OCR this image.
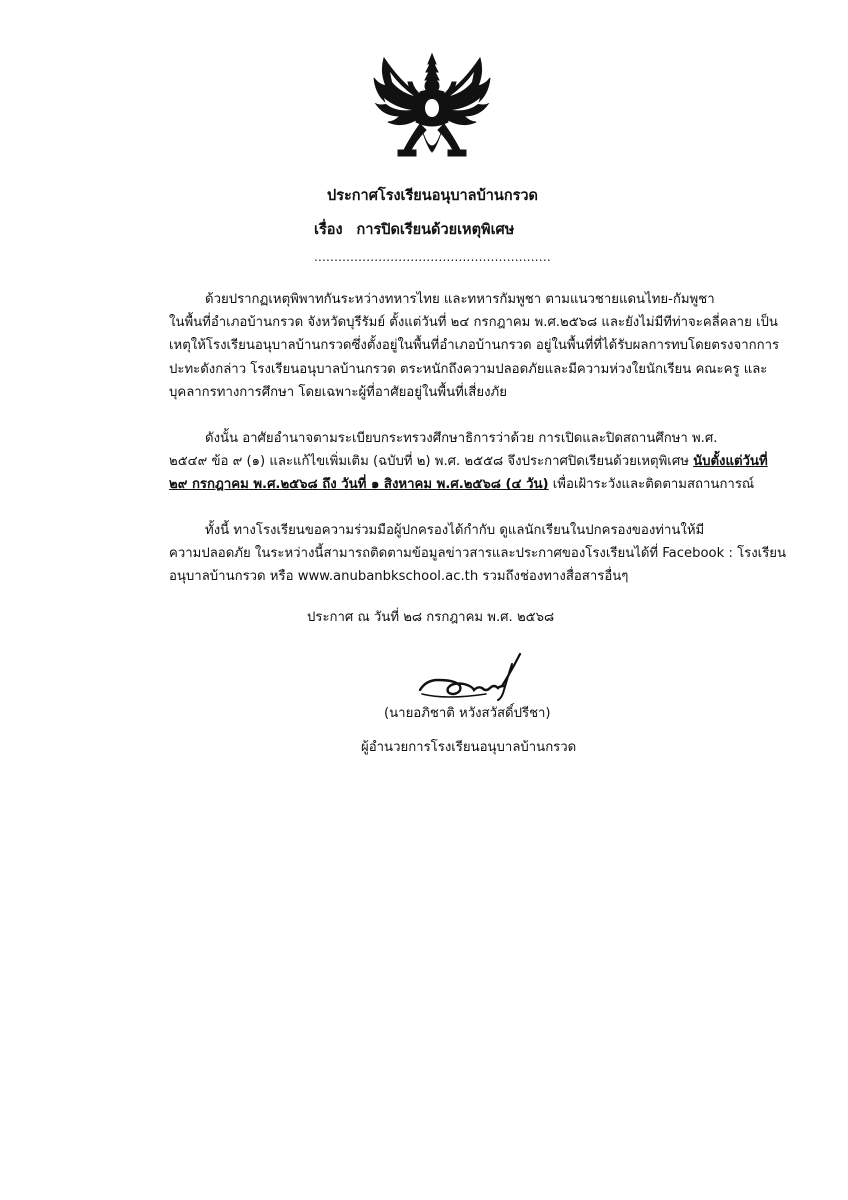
ประกาศโรงเรียนอนุบาลบ้านกรวด
เรื่อง การปิดเรียนด้วยเหตุพิเศษ
...........................................................
ด้วยปรากฏเหตุพิพาทกันระหว่างทหารไทย และทหารกัมพูชา ตามแนวชายแดนไทย-กัมพูชา
ในพื้นที่อำเภอบ้านกรวด จังหวัดบุรีรัมย์ ตั้งแต่วันที่ ๒๔ กรกฎาคม พ.ศ.๒๕๖๘ และยังไม่มีทีท่าจะคลี่คลาย เป็น
เหตุให้โรงเรียนอนุบาลบ้านกรวดซึ่งตั้งอยู่ในพื้นที่อำเภอบ้านกรวด อยู่ในพื้นที่ที่ได้รับผลการทบโดยตรงจากการ
ปะทะดังกล่าว โรงเรียนอนุบาลบ้านกรวด ตระหนักถึงความปลอดภัยและมีความห่วงใยนักเรียน คณะครู และ
บุคลากรทางการศึกษา โดยเฉพาะผู้ที่อาศัยอยู่ในพื้นที่เสี่ยงภัย
ดังนั้น อาศัยอำนาจตามระเบียบกระทรวงศึกษาธิการว่าด้วย การเปิดและปิดสถานศึกษา พ.ศ.
๒๕๔๙ ข้อ ๙ (๑) และแก้ไขเพิ่มเติม (ฉบับที่ ๒) พ.ศ. ๒๕๕๘ จึงประกาศปิดเรียนด้วยเหตุพิเศษ นับตั้งแต่วันที่
๒๙ กรกฎาคม พ.ศ.๒๕๖๘ ถึง วันที่ ๑ สิงหาคม พ.ศ.๒๕๖๘ (๔ วัน) เพื่อเฝ้าระวังและติดตามสถานการณ์
ทั้งนี้ ทางโรงเรียนขอความร่วมมือผู้ปกครองได้กำกับ ดูแลนักเรียนในปกครองของท่านให้มี
ความปลอดภัย ในระหว่างนี้สามารถติดตามข้อมูลข่าวสารและประกาศของโรงเรียนได้ที่ Facebook : โรงเรียน
อนุบาลบ้านกรวด หรือ www.anubanbkschool.ac.th รวมถึงช่องทางสื่อสารอื่นๆ
ประกาศ ณ วันที่ ๒๘ กรกฎาคม พ.ศ. ๒๕๖๘
(นายอภิชาติ หวังสวัสดิ์ปรีชา)
ผู้อำนวยการโรงเรียนอนุบาลบ้านกรวด
